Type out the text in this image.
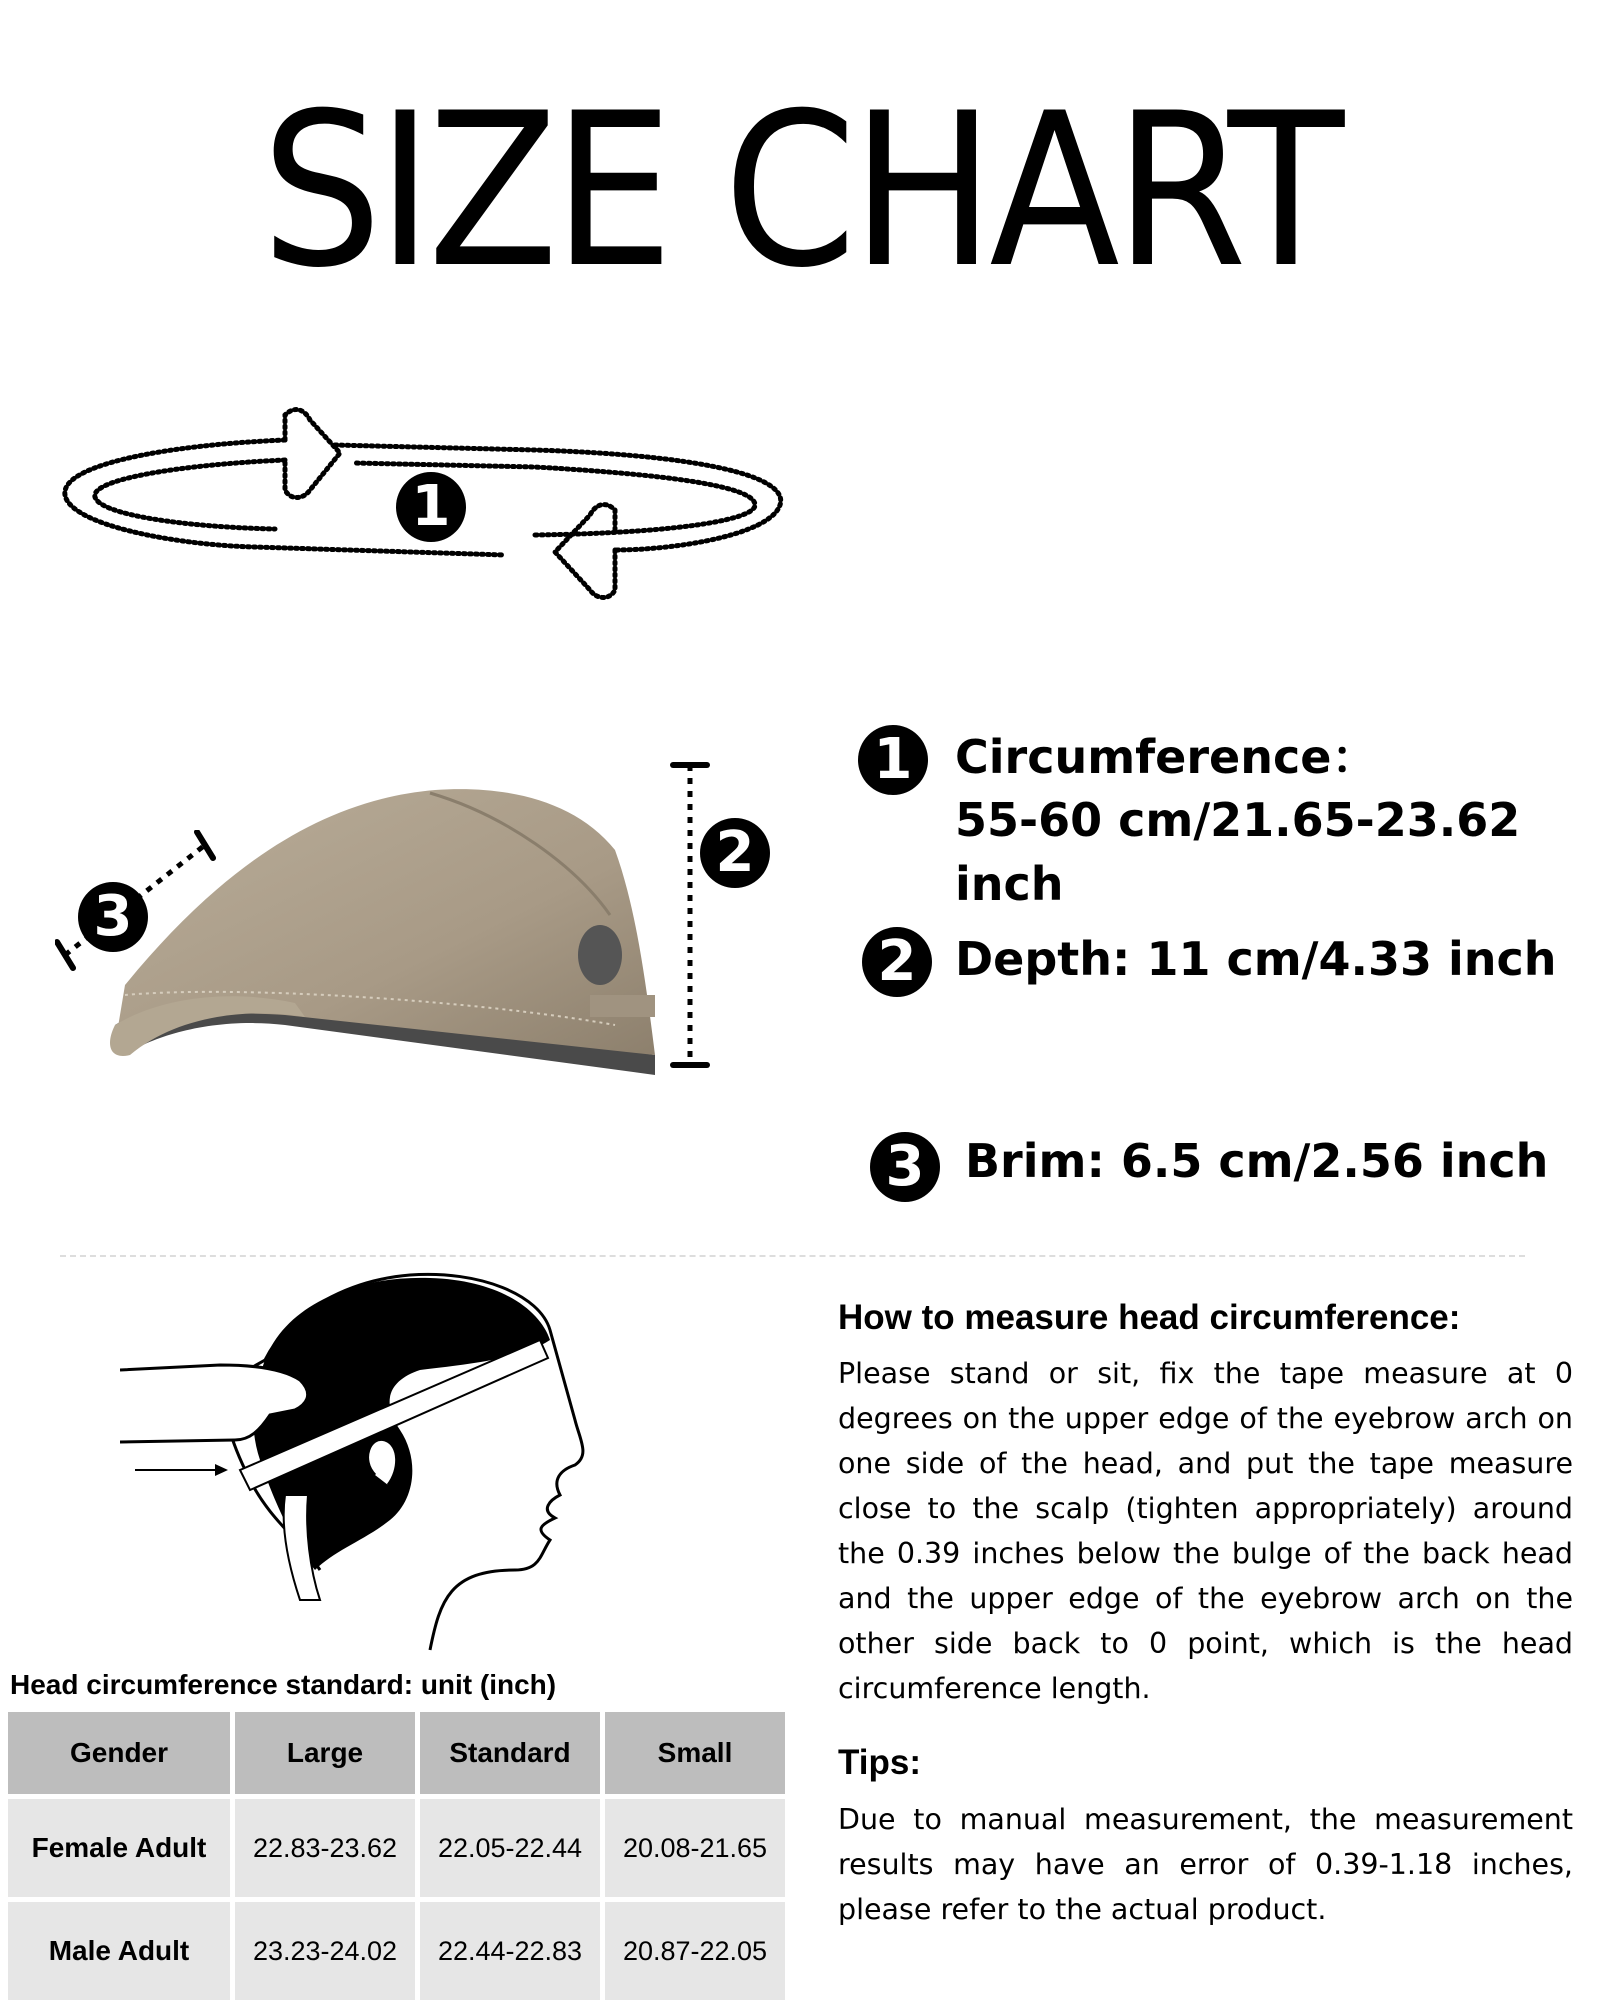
SIZE CHART
1
2
3
1 Circumference：
55-60 cm/21.65-23.62 inch
2 Depth: 11 cm/4.33 inch
3 Brim: 6.5 cm/2.56 inch
How to measure head circumference:
Please stand or sit, fix the tape measure at 0 degrees on the upper edge of the eyebrow arch on one side of the head, and put the tape measure close to the scalp (tighten appropriately) around the 0.39 inches below the bulge of the back head and the upper edge of the eyebrow arch on the other side back to 0 point, which is the head circumference length.
Tips:
Due to manual measurement, the measurement results may have an error of 0.39-1.18 inches, please refer to the actual product.
Head circumference standard: unit (inch)
Gender	Large	Standard	Small
Female Adult	22.83-23.62	22.05-22.44	20.08-21.65
Male Adult	23.23-24.02	22.44-22.83	20.87-22.05
